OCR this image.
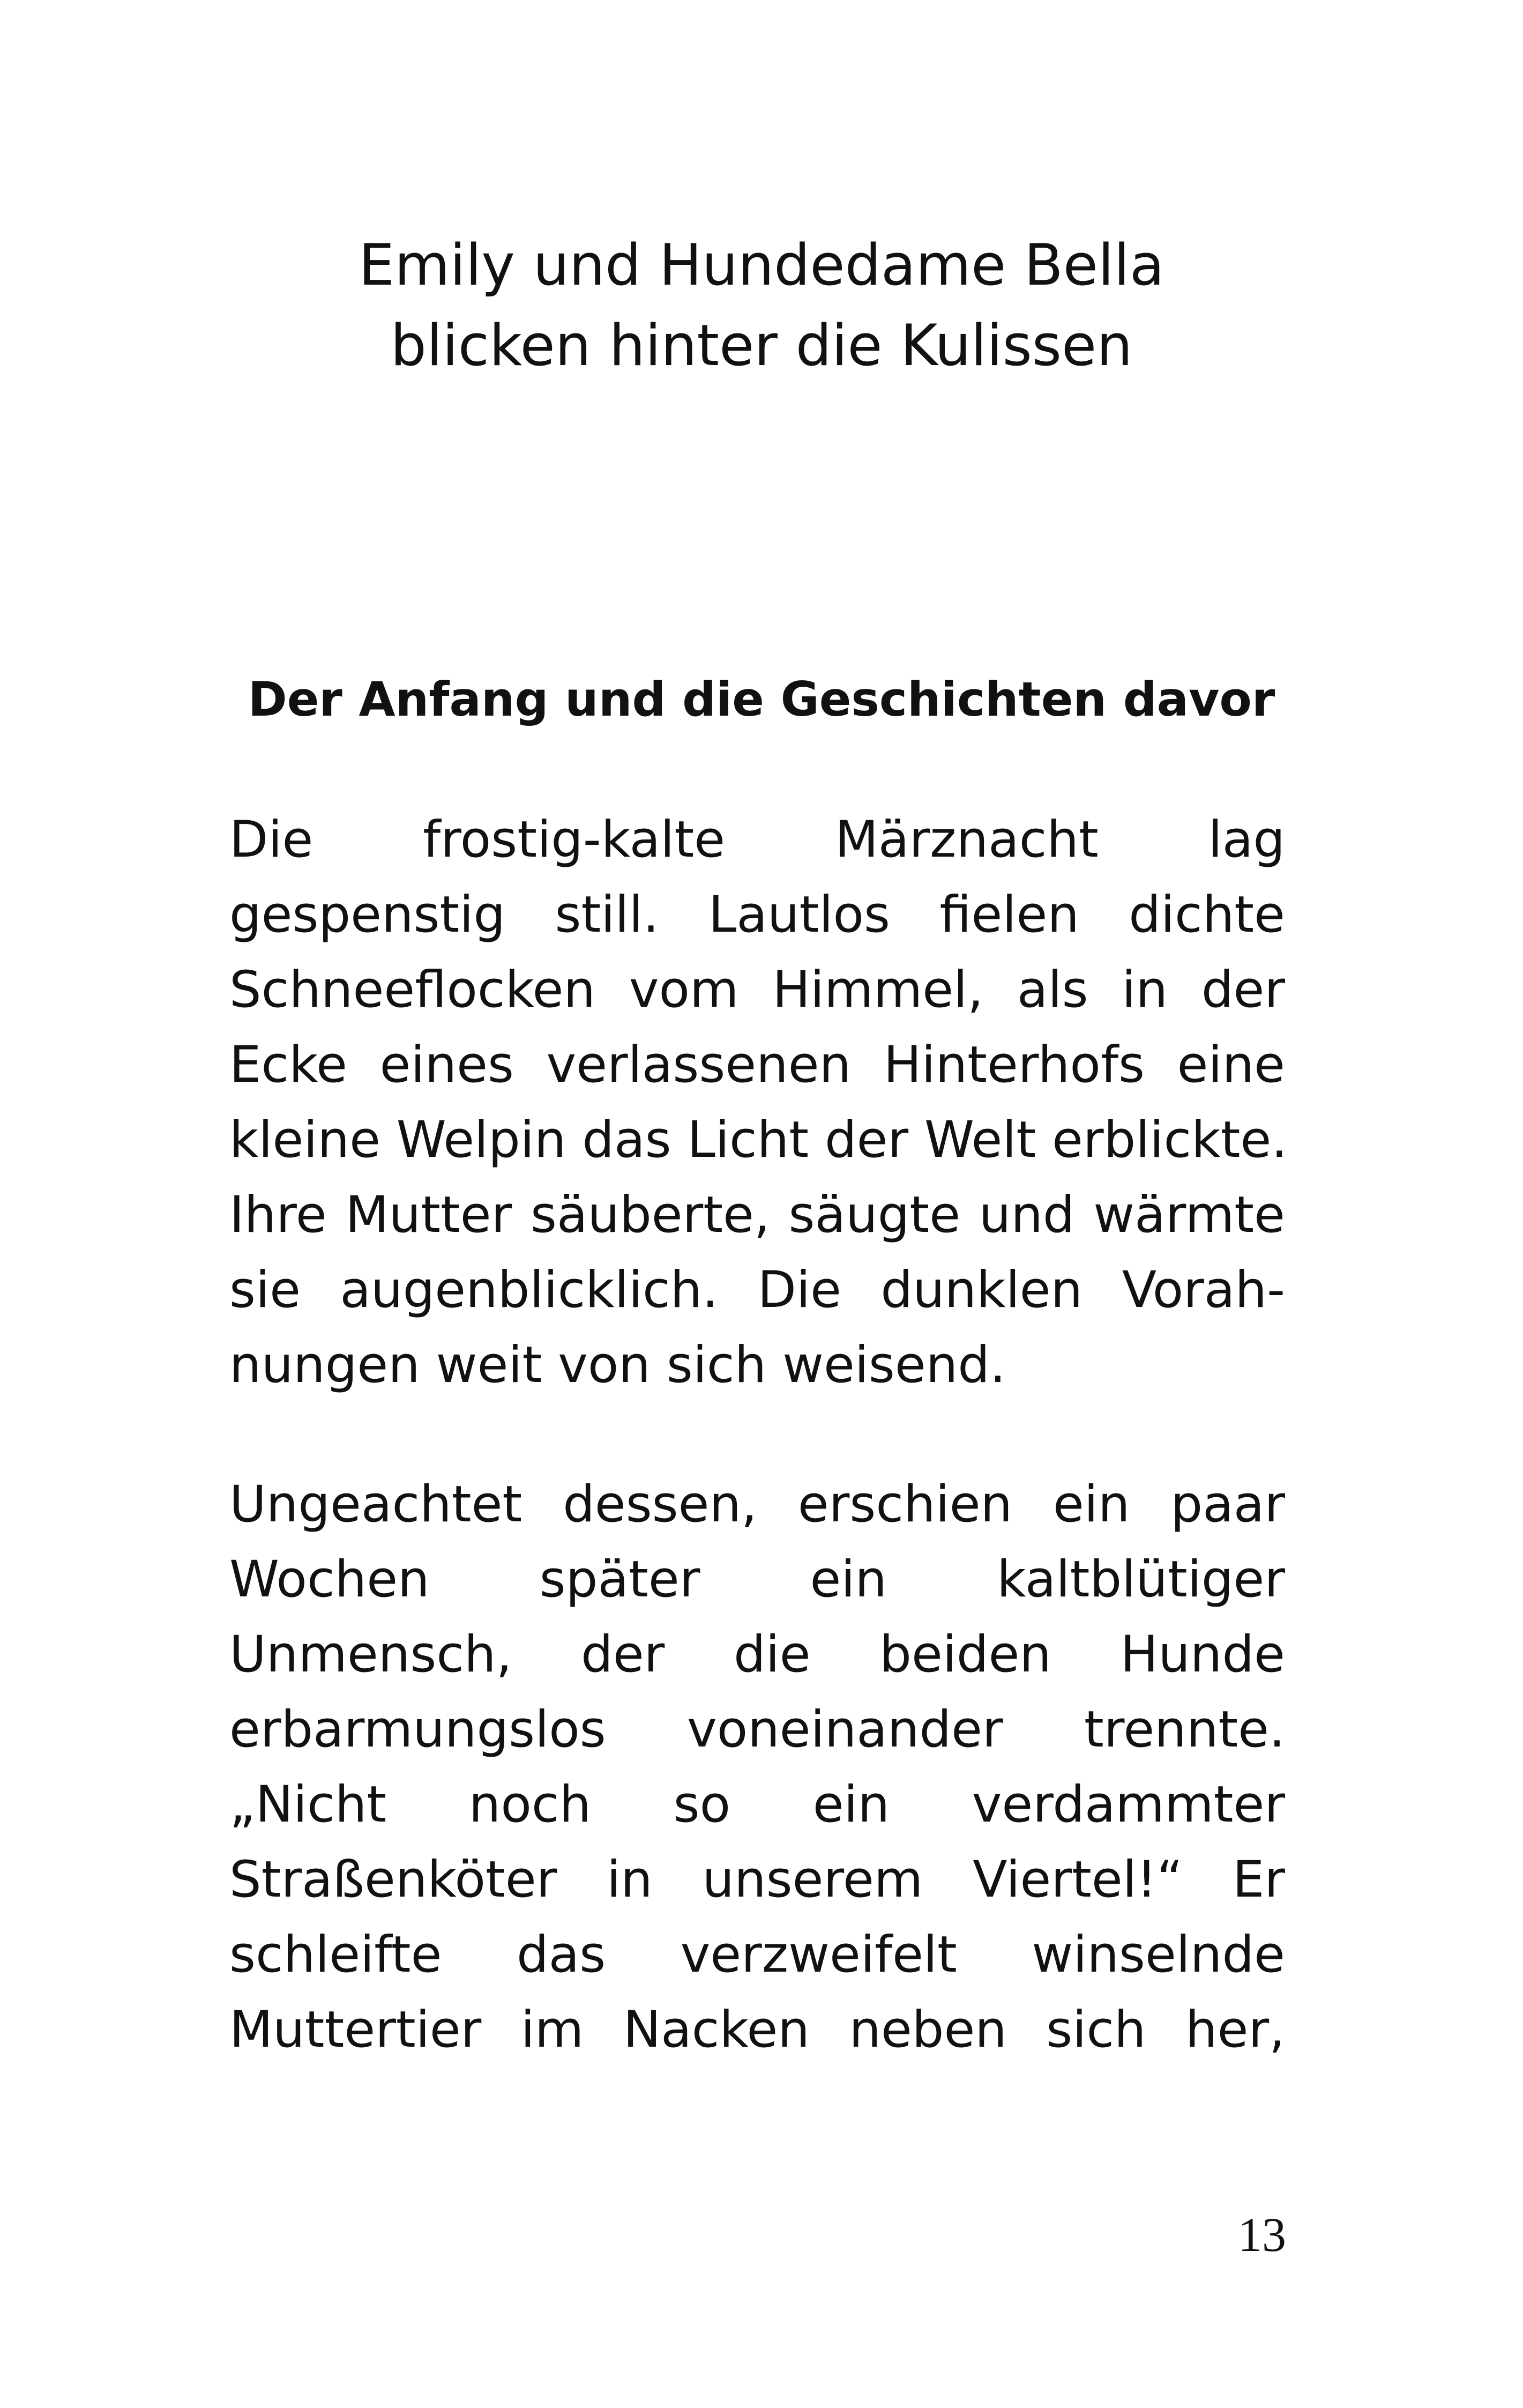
Emily und Hundedame Bella
blicken hinter die Kulissen
Der Anfang und die Geschichten davor
Die frostig-kalte Märznacht lag
gespenstig still. Lautlos fielen dichte
Schneeflocken vom Himmel, als in der
Ecke eines verlassenen Hinterhofs eine
kleine Welpin das Licht der Welt erblickte.
Ihre Mutter säuberte, säugte und wärmte
sie augenblicklich. Die dunklen Vorah-
nungen weit von sich weisend.
Ungeachtet dessen, erschien ein paar
Wochen später ein kaltblütiger
Unmensch, der die beiden Hunde
erbarmungslos voneinander trennte.
„Nicht noch so ein verdammter
Straßenköter in unserem Viertel!“ Er
schleifte das verzweifelt winselnde
Muttertier im Nacken neben sich her,
13
